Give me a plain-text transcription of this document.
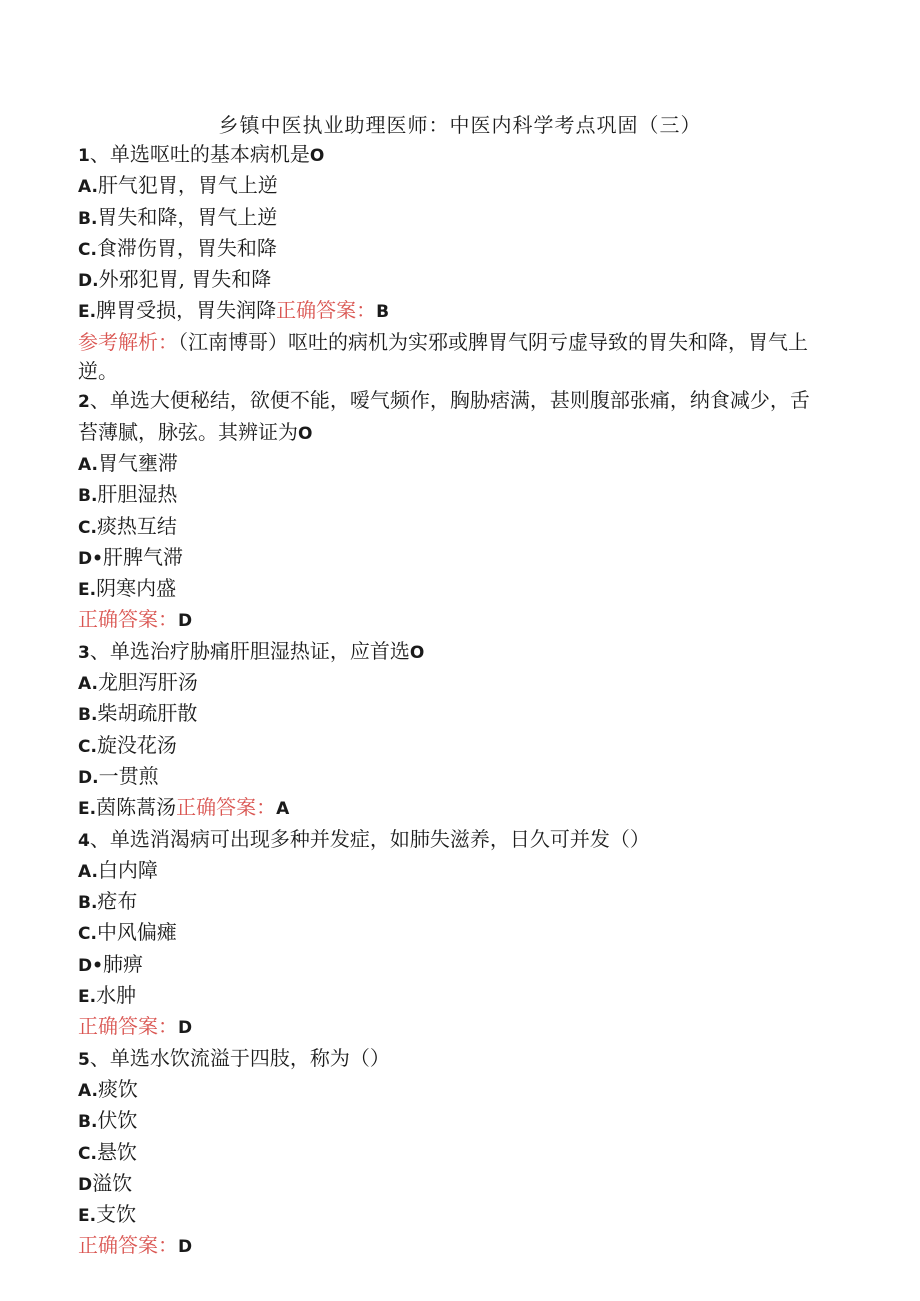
乡镇中医执业助理医师：中医内科学考点巩固（三）
1、单选呕吐的基本病机是O
A.肝气犯胃，胃气上逆
B.胃失和降，胃气上逆
C.食滞伤胃，胃失和降
D.外邪犯胃, 胃失和降
E.脾胃受损，胃失润降正确答案：B
参考解析：（江南博哥）呕吐的病机为实邪或脾胃气阴亏虚导致的胃失和降，胃气上逆。
2、单选大便秘结，欲便不能，嗳气频作，胸胁痞满，甚则腹部张痛，纳食减少，舌苔薄腻，脉弦。其辨证为O
A.胃气壅滞
B.肝胆湿热
C.痰热互结
D•肝脾气滞
E.阴寒内盛
正确答案：D
3、单选治疗胁痛肝胆湿热证，应首选O
A.龙胆泻肝汤
B.柴胡疏肝散
C.旋没花汤
D.一贯煎
E.茵陈蒿汤正确答案：A
4、单选消渴病可出现多种并发症，如肺失滋养，日久可并发（）
A.白内障
B.疮布
C.中风偏瘫
D•肺痹
E.水肿
正确答案：D
5、单选水饮流溢于四肢，称为（）
A.痰饮
B.伏饮
C.悬饮
D溢饮
E.支饮
正确答案：D
